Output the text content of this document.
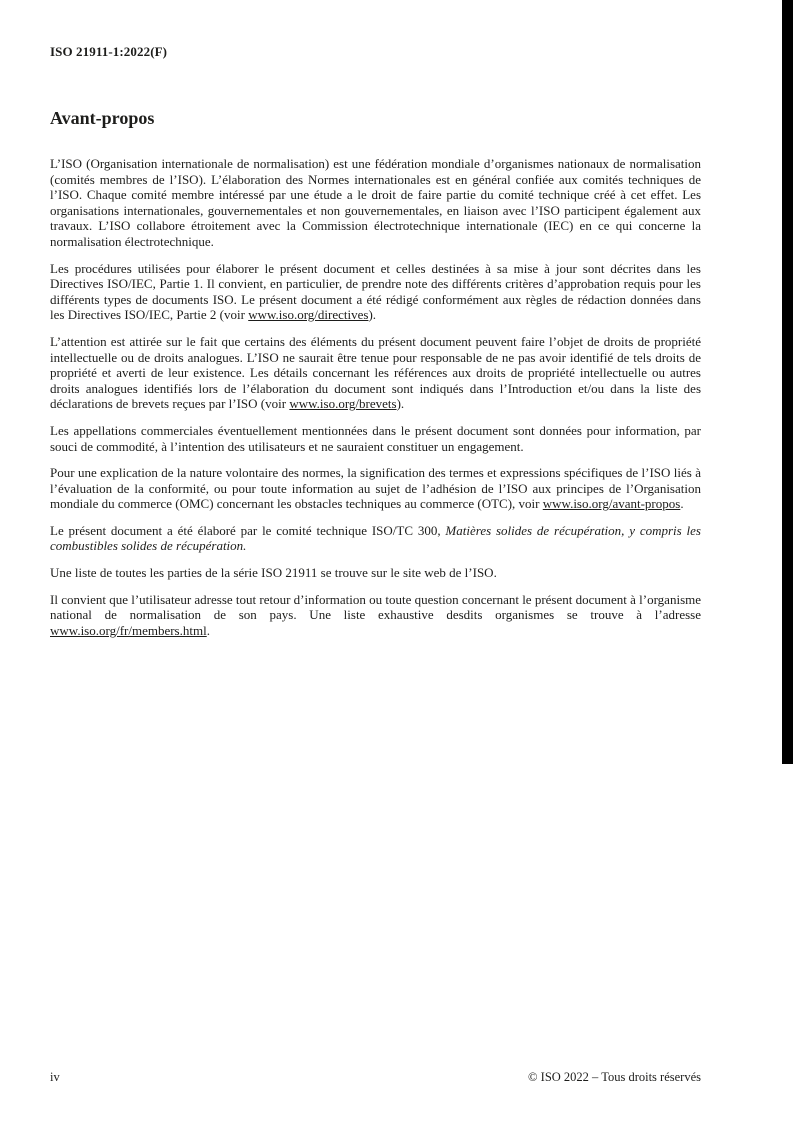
ISO 21911-1:2022(F)
Avant-propos

L’ISO (Organisation internationale de normalisation) est une fédération mondiale d’organismes nationaux de normalisation (comités membres de l’ISO). L’élaboration des Normes internationales est en général confiée aux comités techniques de l’ISO. Chaque comité membre intéressé par une étude a le droit de faire partie du comité technique créé à cet effet. Les organisations internationales, gouvernementales et non gouvernementales, en liaison avec l’ISO participent également aux travaux. L’ISO collabore étroitement avec la Commission électrotechnique internationale (IEC) en ce qui concerne la normalisation électrotechnique.

Les procédures utilisées pour élaborer le présent document et celles destinées à sa mise à jour sont décrites dans les Directives ISO/IEC, Partie 1. Il convient, en particulier, de prendre note des différents critères d’approbation requis pour les différents types de documents ISO. Le présent document a été rédigé conformément aux règles de rédaction données dans les Directives ISO/IEC, Partie 2 (voir www.iso.org/directives).

L’attention est attirée sur le fait que certains des éléments du présent document peuvent faire l’objet de droits de propriété intellectuelle ou de droits analogues. L’ISO ne saurait être tenue pour responsable de ne pas avoir identifié de tels droits de propriété et averti de leur existence. Les détails concernant les références aux droits de propriété intellectuelle ou autres droits analogues identifiés lors de l’élaboration du document sont indiqués dans l’Introduction et/ou dans la liste des déclarations de brevets reçues par l’ISO (voir www.iso.org/brevets).

Les appellations commerciales éventuellement mentionnées dans le présent document sont données pour information, par souci de commodité, à l’intention des utilisateurs et ne sauraient constituer un engagement.

Pour une explication de la nature volontaire des normes, la signification des termes et expressions spécifiques de l’ISO liés à l’évaluation de la conformité, ou pour toute information au sujet de l’adhésion de l’ISO aux principes de l’Organisation mondiale du commerce (OMC) concernant les obstacles techniques au commerce (OTC), voir www.iso.org/avant-propos.

Le présent document a été élaboré par le comité technique ISO/TC 300, Matières solides de récupération, y compris les combustibles solides de récupération.

Une liste de toutes les parties de la série ISO 21911 se trouve sur le site web de l’ISO.

Il convient que l’utilisateur adresse tout retour d’information ou toute question concernant le présent document à l’organisme national de normalisation de son pays. Une liste exhaustive desdits organismes se trouve à l’adresse www.iso.org/fr/members.html.

iv	© ISO 2022 – Tous droits réservés
